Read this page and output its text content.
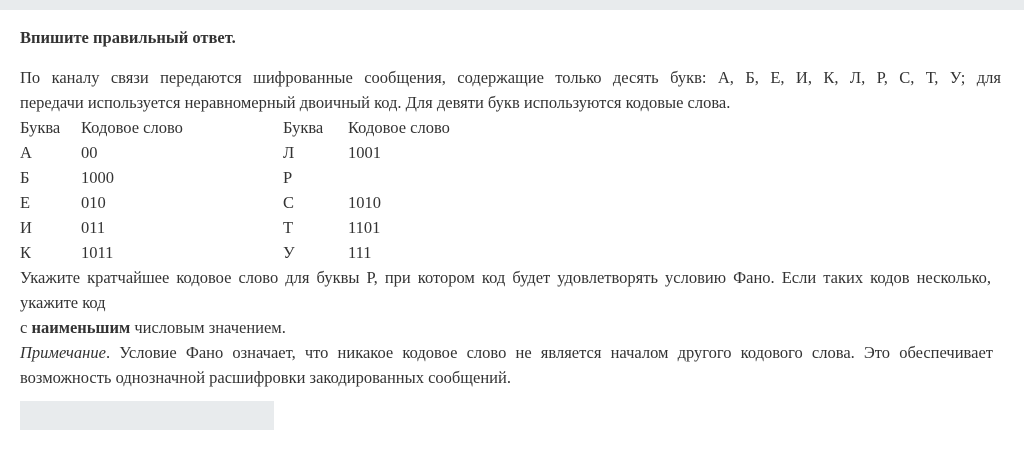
Впишите правильный ответ.
По каналу связи передаются шифрованные сообщения, содержащие только десять букв: А, Б, Е, И, К, Л, Р, С, Т, У; для
передачи используется неравномерный двоичный код. Для девяти букв используются кодовые слова.
Буква	Кодовое слово	Буква	Кодовое слово
А	00	Л	1001
Б	1000	Р
Е	010	С	1010
И	011	Т	1101
К	1011	У	111
Укажите кратчайшее кодовое слово для буквы Р, при котором код будет удовлетворять условию Фано. Если таких кодов несколько, укажите код
с наименьшим числовым значением.
Примечание. Условие Фано означает, что никакое кодовое слово не является началом другого кодового слова. Это обеспечивает возможность однозначной расшифровки закодированных сообщений.
